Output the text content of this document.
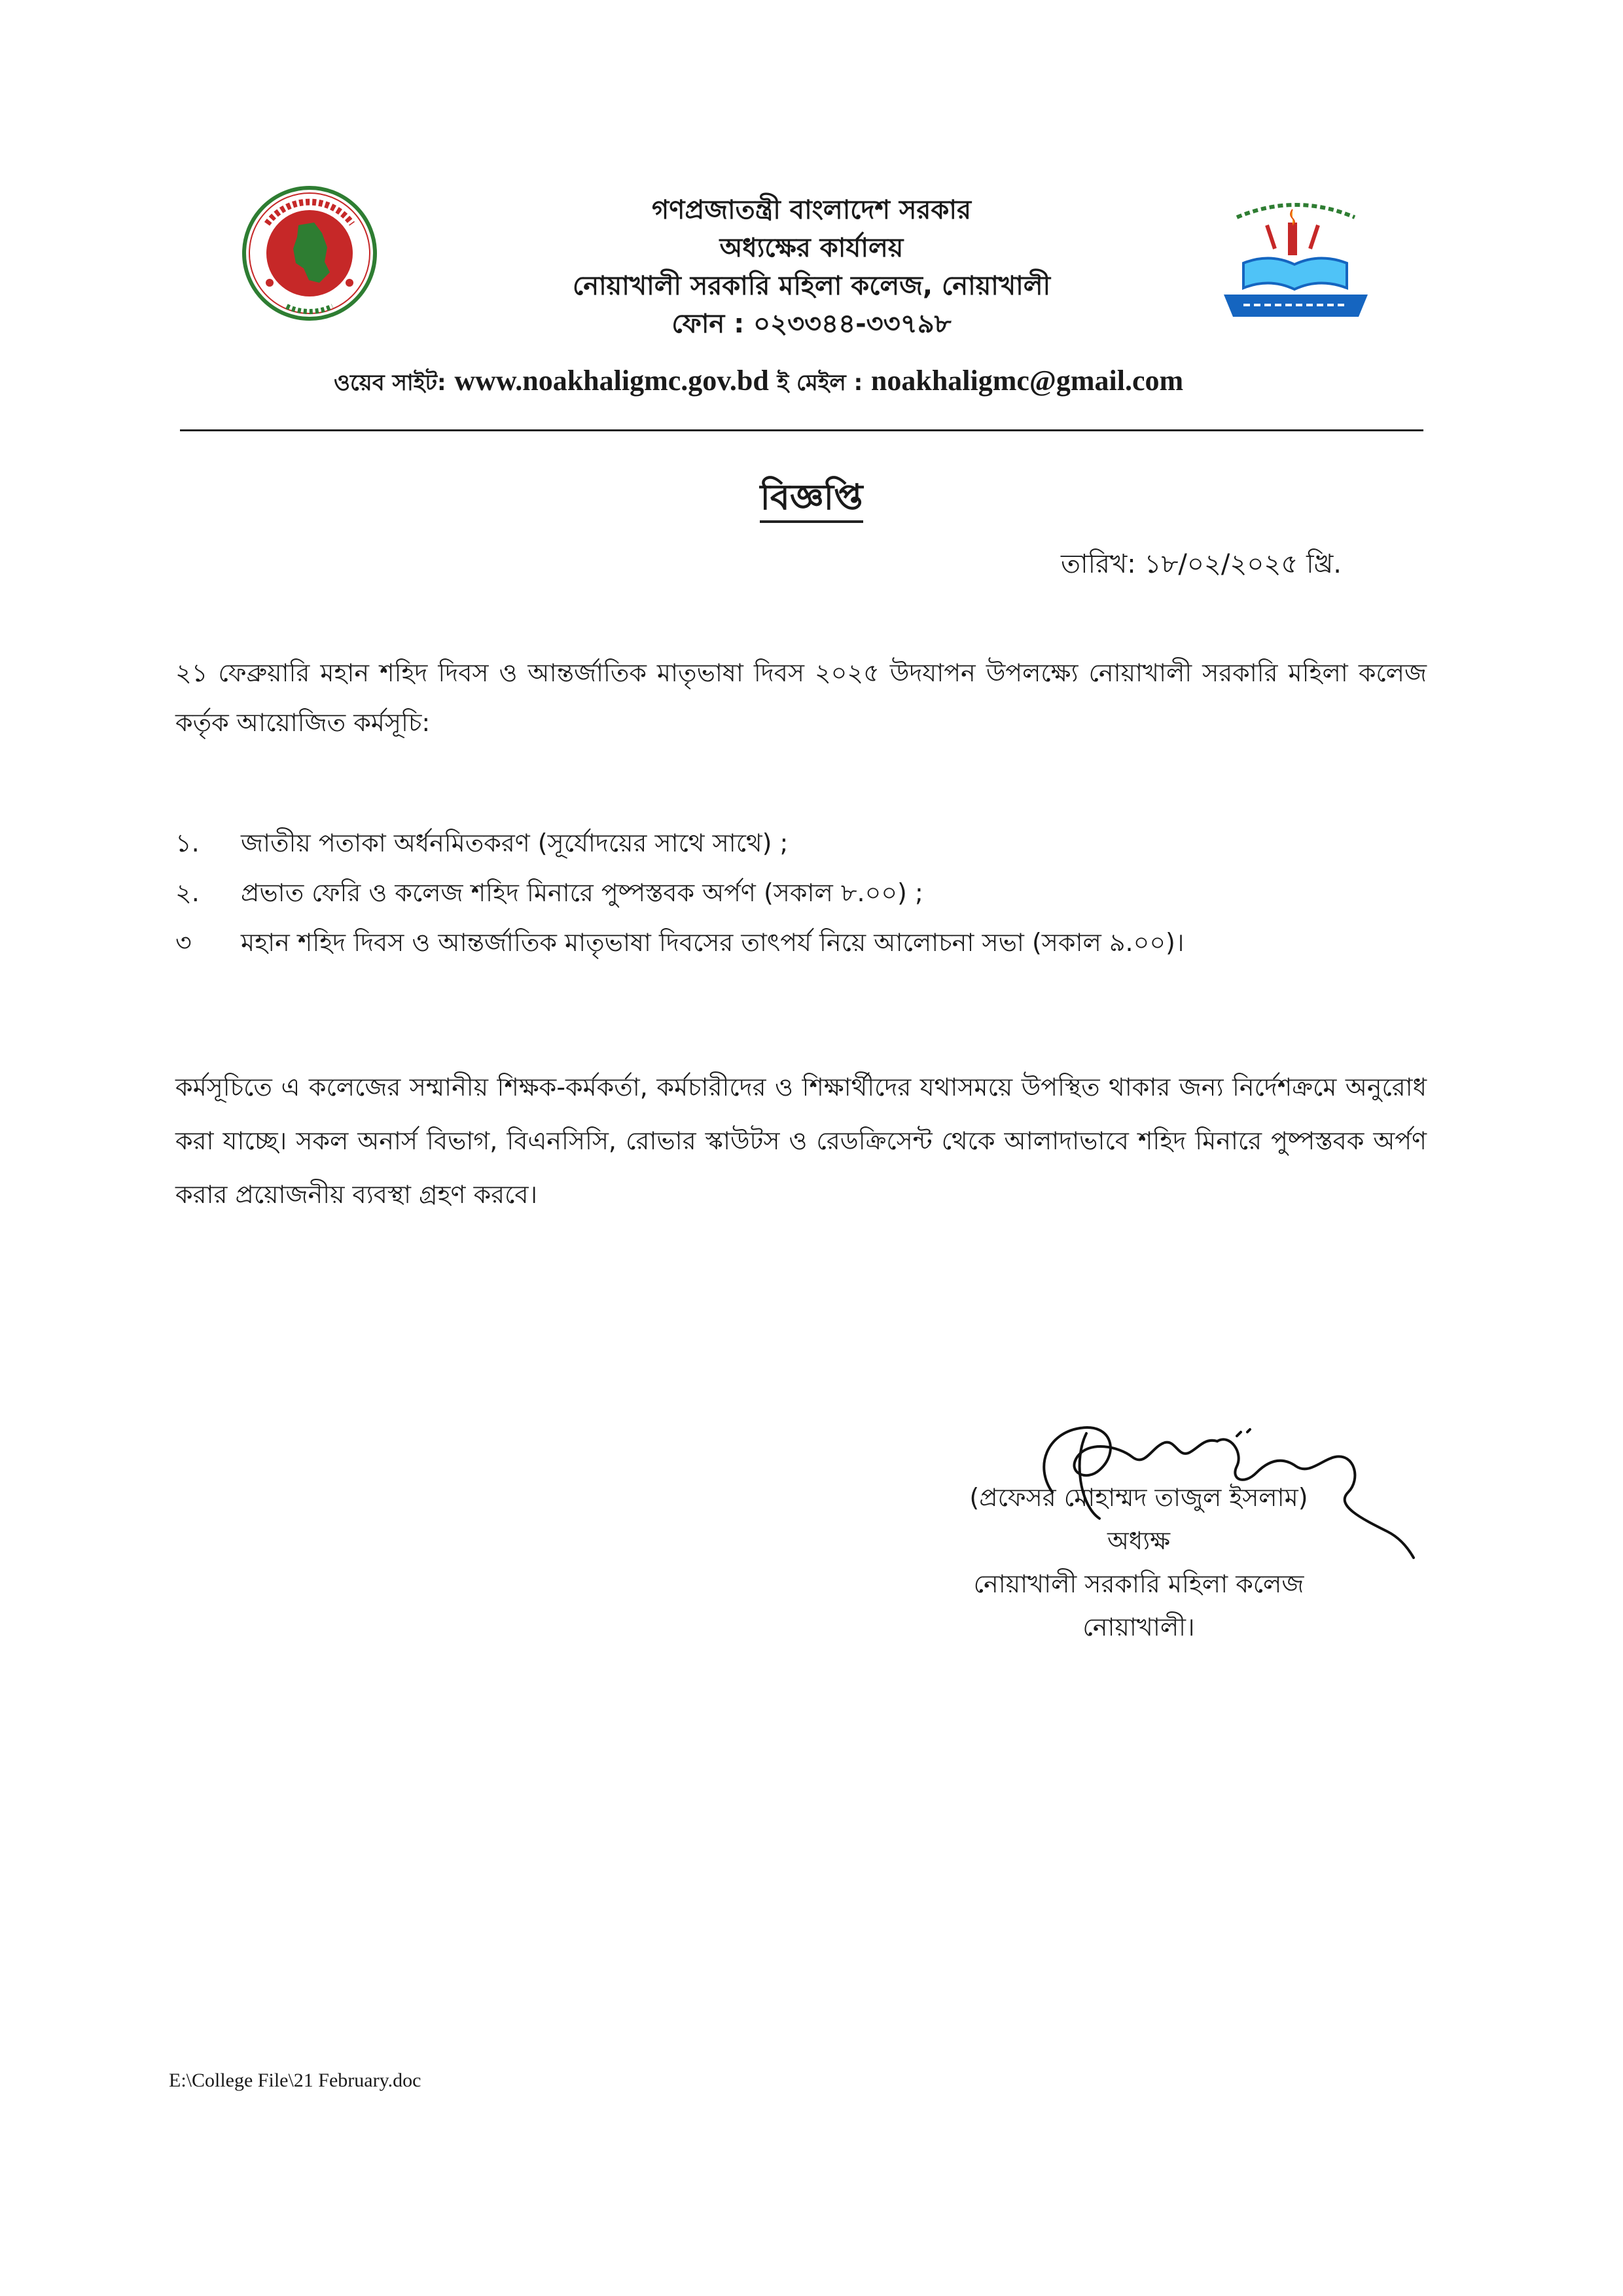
গণপ্রজাতন্ত্রী বাংলাদেশ সরকার
অধ্যক্ষের কার্যালয়
নোয়াখালী সরকারি মহিলা কলেজ, নোয়াখালী
ফোন : ০২৩৩৪৪-৩৩৭৯৮
ওয়েব সাইট: www.noakhaligmc.gov.bd ই মেইল : noakhaligmc@gmail.com
বিজ্ঞপ্তি
তারিখ: ১৮/০২/২০২৫ খ্রি.
২১ ফেব্রুয়ারি মহান শহিদ দিবস ও আন্তর্জাতিক মাতৃভাষা দিবস ২০২৫ উদযাপন উপলক্ষ্যে নোয়াখালী সরকারি মহিলা কলেজ কর্তৃক আয়োজিত কর্মসূচি:
১. জাতীয় পতাকা অর্ধনমিতকরণ (সূর্যোদয়ের সাথে সাথে) ;
২. প্রভাত ফেরি ও কলেজ শহিদ মিনারে পুষ্পস্তবক অর্পণ (সকাল ৮.০০) ;
৩ মহান শহিদ দিবস ও আন্তর্জাতিক মাতৃভাষা দিবসের তাৎপর্য নিয়ে আলোচনা সভা (সকাল ৯.০০)।
কর্মসূচিতে এ কলেজের সম্মানীয় শিক্ষক-কর্মকর্তা, কর্মচারীদের ও শিক্ষার্থীদের যথাসময়ে উপস্থিত থাকার জন্য নির্দেশক্রমে অনুরোধ করা যাচ্ছে। সকল অনার্স বিভাগ, বিএনসিসি, রোভার স্কাউটস ও রেডক্রিসেন্ট থেকে আলাদাভাবে শহিদ মিনারে পুষ্পস্তবক অর্পণ করার প্রয়োজনীয় ব্যবস্থা গ্রহণ করবে।
(প্রফেসর মোহাম্মদ তাজুল ইসলাম)
অধ্যক্ষ
নোয়াখালী সরকারি মহিলা কলেজ
নোয়াখালী।
E:\College File\21 February.doc
